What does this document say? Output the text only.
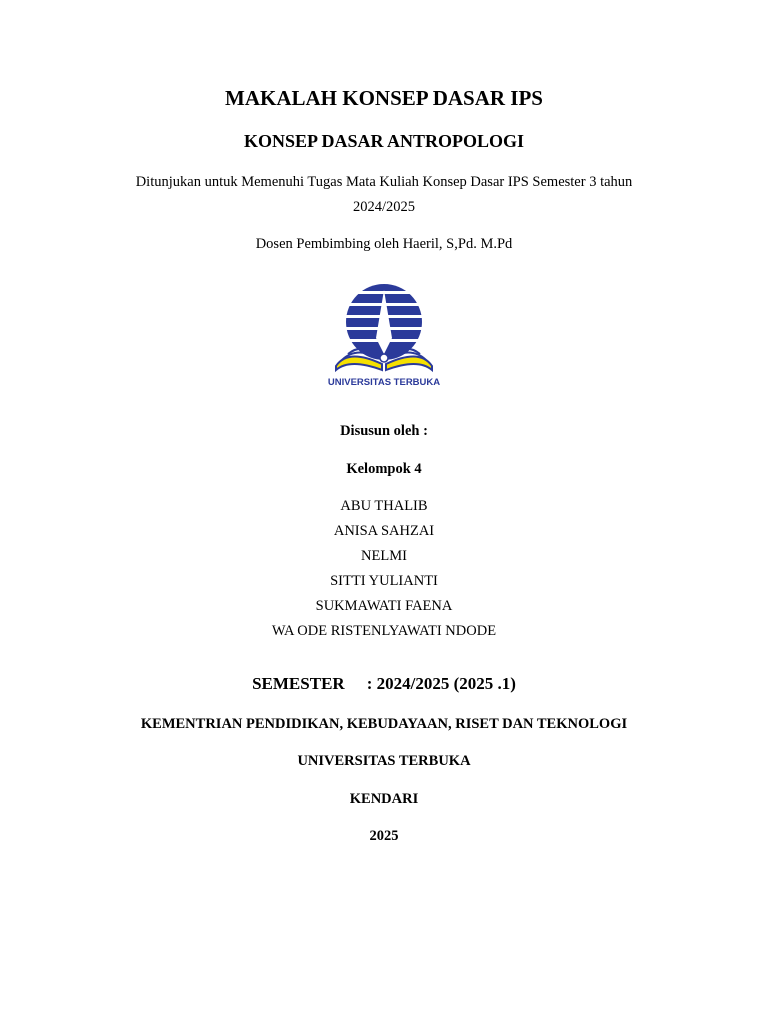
MAKALAH KONSEP DASAR IPS
KONSEP DASAR ANTROPOLOGI
Ditunjukan untuk Memenuhi Tugas Mata Kuliah Konsep Dasar IPS Semester 3 tahun
2024/2025
Dosen Pembimbing oleh Haeril, S,Pd. M.Pd
UNIVERSITAS TERBUKA
Disusun oleh :
Kelompok 4
ABU THALIB
ANISA SAHZAI
NELMI
SITTI YULIANTI
SUKMAWATI FAENA
WA ODE RISTENLYAWATI NDODE
SEMESTER : 2024/2025 (2025 .1)
KEMENTRIAN PENDIDIKAN, KEBUDAYAAN, RISET DAN TEKNOLOGI
UNIVERSITAS TERBUKA
KENDARI
2025
